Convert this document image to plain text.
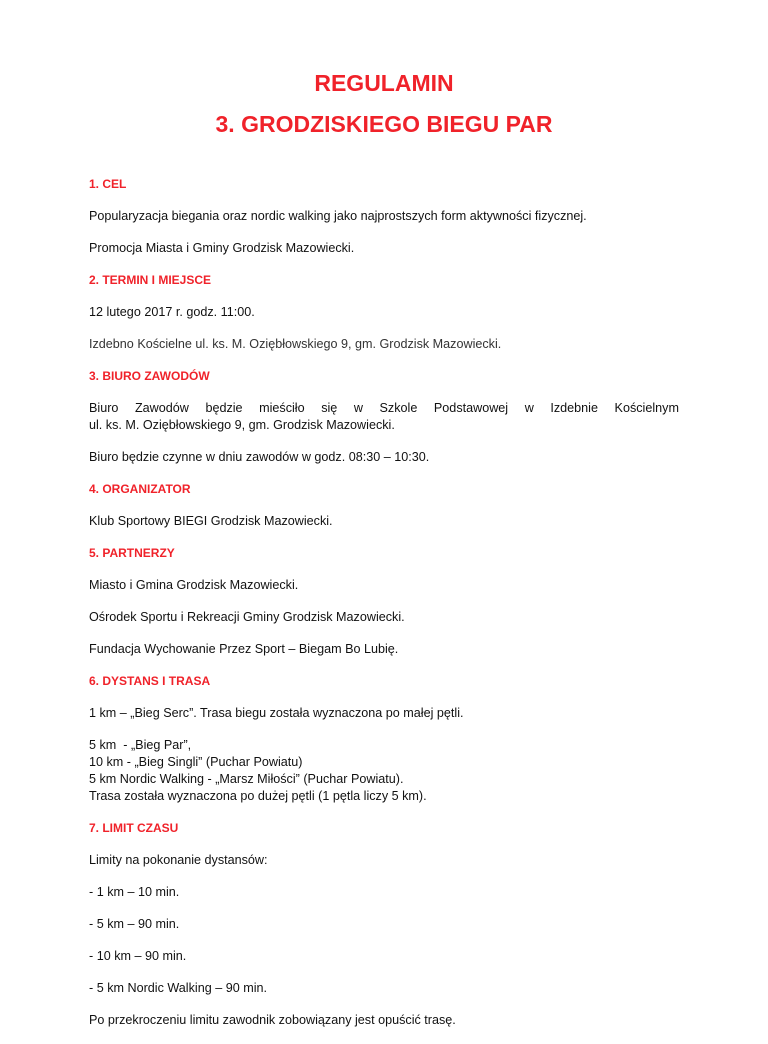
REGULAMIN
3. GRODZISKIEGO BIEGU PAR
1. CEL
Popularyzacja biegania oraz nordic walking jako najprostszych form aktywności fizycznej.
Promocja Miasta i Gminy Grodzisk Mazowiecki.
2. TERMIN I MIEJSCE
12 lutego 2017 r. godz. 11:00.
Izdebno Kościelne ul. ks. M. Oziębłowskiego 9, gm. Grodzisk Mazowiecki.
3. BIURO ZAWODÓW
Biuro Zawodów będzie mieściło się w Szkole Podstawowej w Izdebnie Kościelnym
ul. ks. M. Oziębłowskiego 9, gm. Grodzisk Mazowiecki.
Biuro będzie czynne w dniu zawodów w godz. 08:30 – 10:30.
4. ORGANIZATOR
Klub Sportowy BIEGI Grodzisk Mazowiecki.
5. PARTNERZY
Miasto i Gmina Grodzisk Mazowiecki.
Ośrodek Sportu i Rekreacji Gminy Grodzisk Mazowiecki.
Fundacja Wychowanie Przez Sport – Biegam Bo Lubię.
6. DYSTANS I TRASA
1 km – „Bieg Serc”. Trasa biegu została wyznaczona po małej pętli.
5 km  - „Bieg Par”,
10 km - „Bieg Singli” (Puchar Powiatu)
5 km Nordic Walking - „Marsz Miłości” (Puchar Powiatu).
Trasa została wyznaczona po dużej pętli (1 pętla liczy 5 km).
7. LIMIT CZASU
Limity na pokonanie dystansów:
- 1 km – 10 min.
- 5 km – 90 min.
- 10 km – 90 min.
- 5 km Nordic Walking – 90 min.
Po przekroczeniu limitu zawodnik zobowiązany jest opuścić trasę.
